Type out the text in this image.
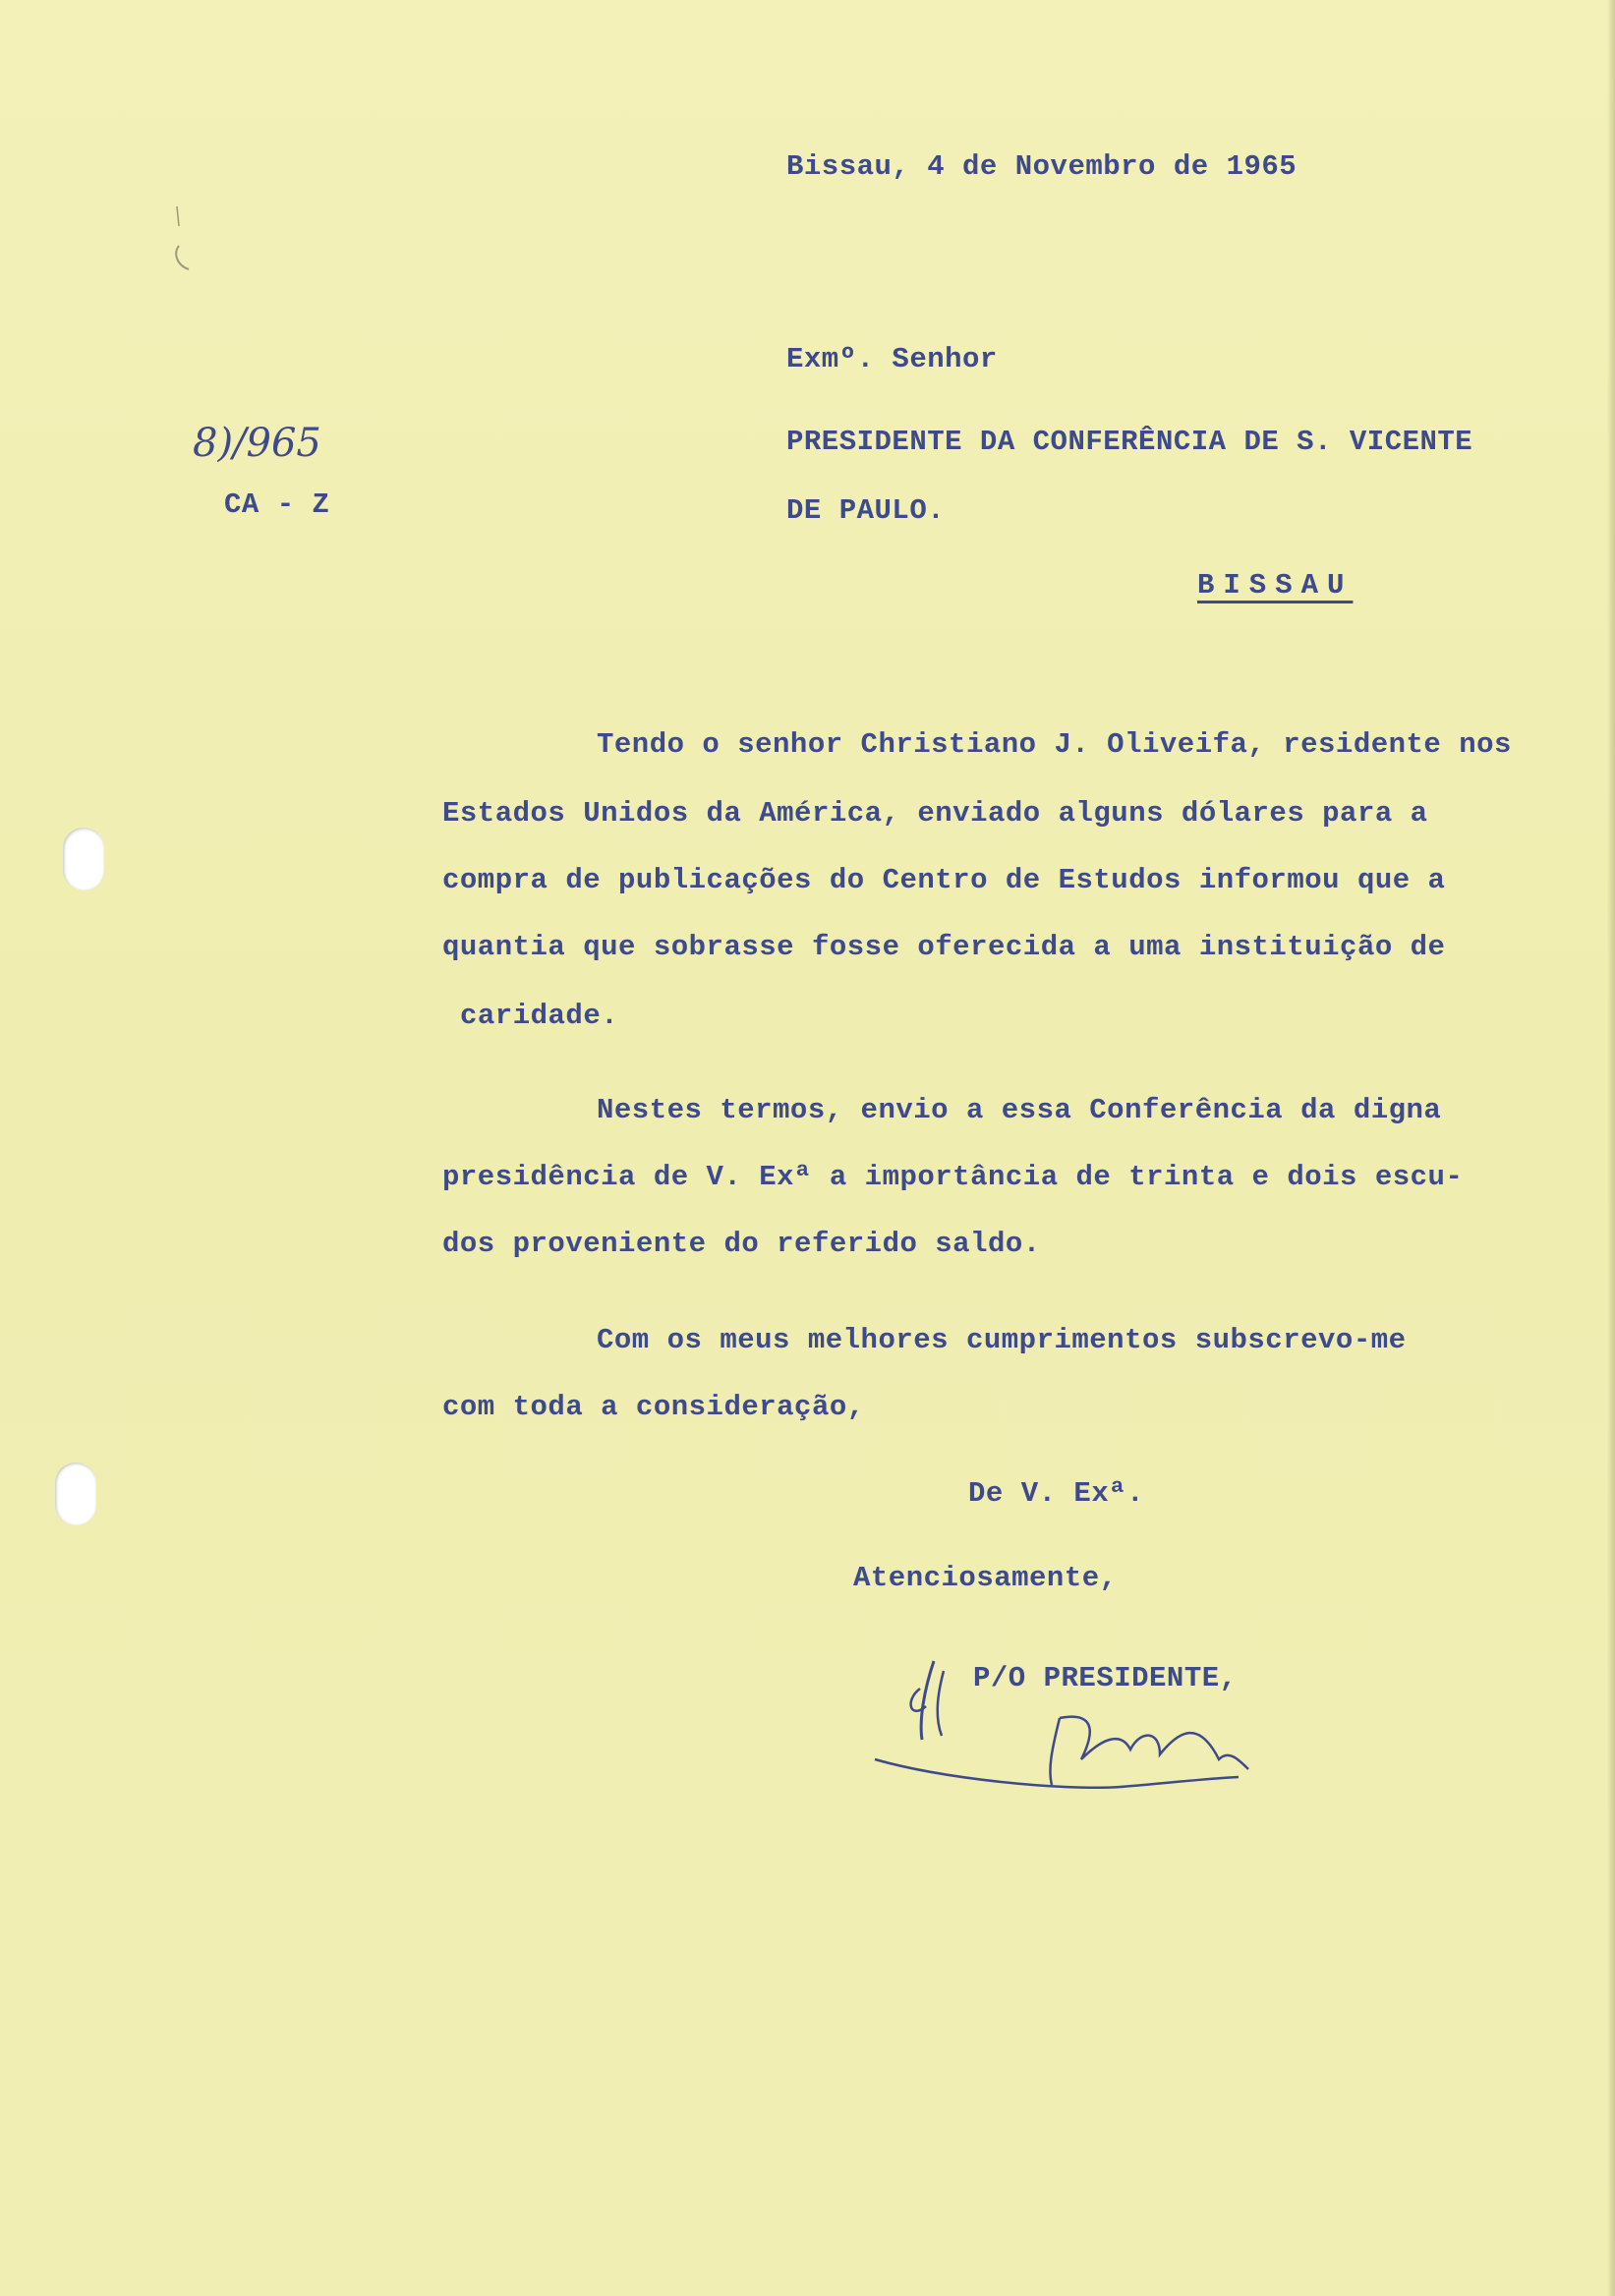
Bissau, 4 de Novembro de 1965
8)/965
CA - Z
Exmº. Senhor
PRESIDENTE DA CONFERÊNCIA DE S. VICENTE
DE PAULO.
BISSAU
Tendo o senhor Christiano J. Oliveifa, residente nos
Estados Unidos da América, enviado alguns dólares para a
compra de publicações do Centro de Estudos informou que a
quantia que sobrasse fosse oferecida a uma instituição de
caridade.
Nestes termos, envio a essa Conferência da digna
presidência de V. Exª a importância de trinta e dois escu-
dos proveniente do referido saldo.
Com os meus melhores cumprimentos subscrevo-me
com toda a consideração,
De V. Exª.
Atenciosamente,
P/O PRESIDENTE,
